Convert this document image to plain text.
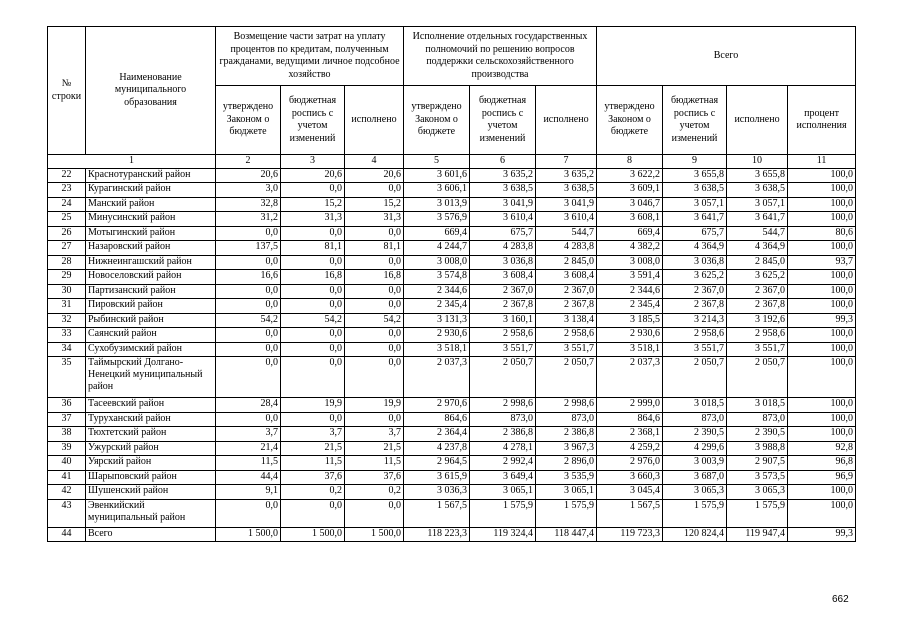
№ строки	Наименование муниципального образования	Возмещение части затрат на уплату процентов по кредитам, полученным гражданами, ведущими личное подсобное хозяйство			Исполнение отдельных государственных полномочий по решению вопросов поддержки сельскохозяйственного производства			Всего			
		утверждено Законом о бюджете	бюджетная роспись с учетом изменений	исполнено	утверждено Законом о бюджете	бюджетная роспись с учетом изменений	исполнено	утверждено Законом о бюджете	бюджетная роспись с учетом изменений	исполнено	процент исполнения
1		2	3	4	5	6	7	8	9	10	11
22	Краснотуранский район	20,6	20,6	20,6	3 601,6	3 635,2	3 635,2	3 622,2	3 655,8	3 655,8	100,0
23	Курагинский район	3,0	0,0	0,0	3 606,1	3 638,5	3 638,5	3 609,1	3 638,5	3 638,5	100,0
24	Манский район	32,8	15,2	15,2	3 013,9	3 041,9	3 041,9	3 046,7	3 057,1	3 057,1	100,0
25	Минусинский район	31,2	31,3	31,3	3 576,9	3 610,4	3 610,4	3 608,1	3 641,7	3 641,7	100,0
26	Мотыгинский район	0,0	0,0	0,0	669,4	675,7	544,7	669,4	675,7	544,7	80,6
27	Назаровский район	137,5	81,1	81,1	4 244,7	4 283,8	4 283,8	4 382,2	4 364,9	4 364,9	100,0
28	Нижнеингашский район	0,0	0,0	0,0	3 008,0	3 036,8	2 845,0	3 008,0	3 036,8	2 845,0	93,7
29	Новоселовский район	16,6	16,8	16,8	3 574,8	3 608,4	3 608,4	3 591,4	3 625,2	3 625,2	100,0
30	Партизанский район	0,0	0,0	0,0	2 344,6	2 367,0	2 367,0	2 344,6	2 367,0	2 367,0	100,0
31	Пировский район	0,0	0,0	0,0	2 345,4	2 367,8	2 367,8	2 345,4	2 367,8	2 367,8	100,0
32	Рыбинский район	54,2	54,2	54,2	3 131,3	3 160,1	3 138,4	3 185,5	3 214,3	3 192,6	99,3
33	Саянский район	0,0	0,0	0,0	2 930,6	2 958,6	2 958,6	2 930,6	2 958,6	2 958,6	100,0
34	Сухобузимский район	0,0	0,0	0,0	3 518,1	3 551,7	3 551,7	3 518,1	3 551,7	3 551,7	100,0
35	Таймырский Долгано-Ненецкий муниципальный район	0,0	0,0	0,0	2 037,3	2 050,7	2 050,7	2 037,3	2 050,7	2 050,7	100,0
36	Тасеевский район	28,4	19,9	19,9	2 970,6	2 998,6	2 998,6	2 999,0	3 018,5	3 018,5	100,0
37	Туруханский район	0,0	0,0	0,0	864,6	873,0	873,0	864,6	873,0	873,0	100,0
38	Тюхтетский район	3,7	3,7	3,7	2 364,4	2 386,8	2 386,8	2 368,1	2 390,5	2 390,5	100,0
39	Ужурский район	21,4	21,5	21,5	4 237,8	4 278,1	3 967,3	4 259,2	4 299,6	3 988,8	92,8
40	Уярский район	11,5	11,5	11,5	2 964,5	2 992,4	2 896,0	2 976,0	3 003,9	2 907,5	96,8
41	Шарыповский район	44,4	37,6	37,6	3 615,9	3 649,4	3 535,9	3 660,3	3 687,0	3 573,5	96,9
42	Шушенский район	9,1	0,2	0,2	3 036,3	3 065,1	3 065,1	3 045,4	3 065,3	3 065,3	100,0
43	Эвенкийский муниципальный район	0,0	0,0	0,0	1 567,5	1 575,9	1 575,9	1 567,5	1 575,9	1 575,9	100,0
44	Всего	1 500,0	1 500,0	1 500,0	118 223,3	119 324,4	118 447,4	119 723,3	120 824,4	119 947,4	99,3
662
